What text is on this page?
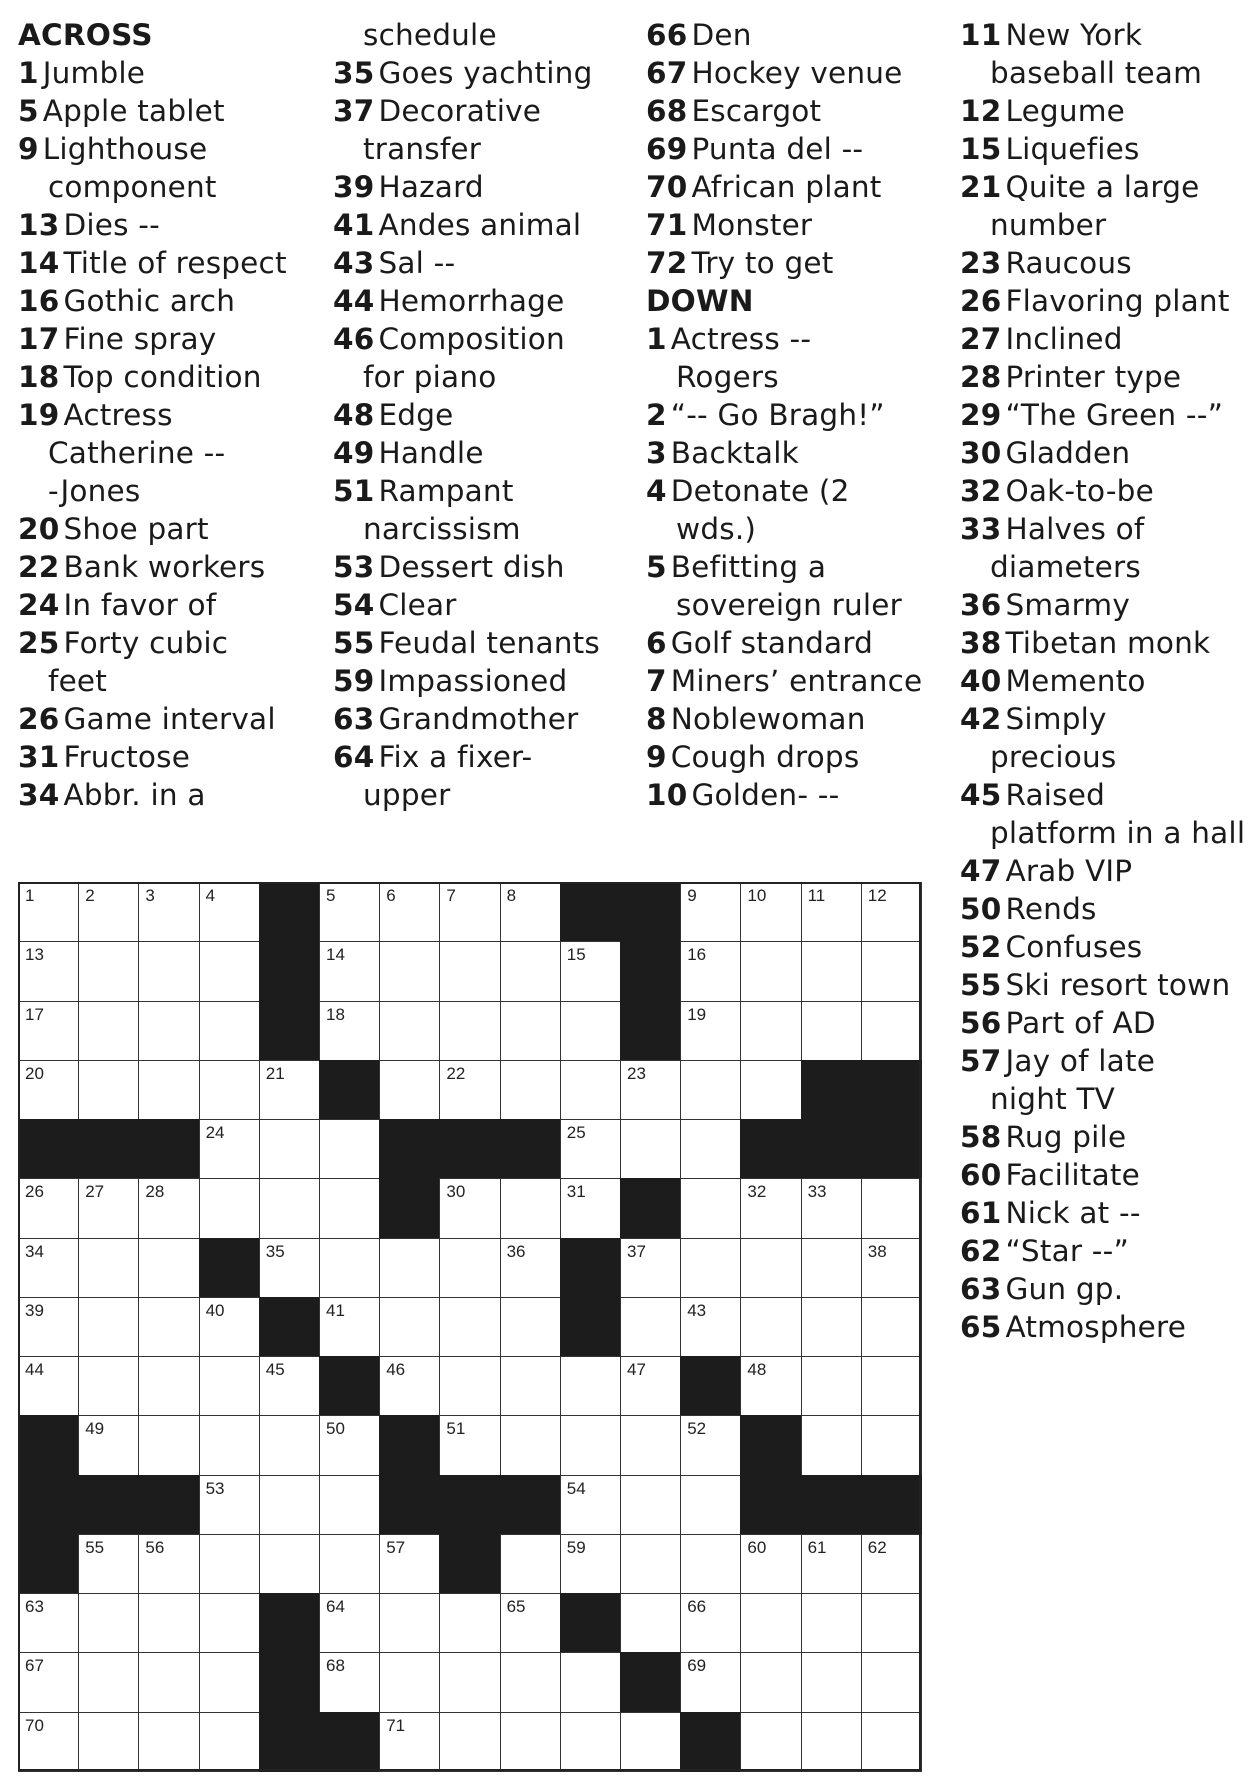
ACROSS
1 Jumble
5 Apple tablet
9 Lighthouse
component
13 Dies --
14 Title of respect
16 Gothic arch
17 Fine spray
18 Top condition
19 Actress
Catherine --
-Jones
20 Shoe part
22 Bank workers
24 In favor of
25 Forty cubic
feet
26 Game interval
31 Fructose
34 Abbr. in a
schedule
35 Goes yachting
37 Decorative
transfer
39 Hazard
41 Andes animal
43 Sal --
44 Hemorrhage
46 Composition
for piano
48 Edge
49 Handle
51 Rampant
narcissism
53 Dessert dish
54 Clear
55 Feudal tenants
59 Impassioned
63 Grandmother
64 Fix a fixer-
upper
66 Den
67 Hockey venue
68 Escargot
69 Punta del --
70 African plant
71 Monster
72 Try to get
DOWN
1 Actress --
Rogers
2 “-- Go Bragh!”
3 Backtalk
4 Detonate (2
wds.)
5 Befitting a
sovereign ruler
6 Golf standard
7 Miners’ entrance
8 Noblewoman
9 Cough drops
10 Golden- --
11 New York
baseball team
12 Legume
15 Liquefies
21 Quite a large
number
23 Raucous
26 Flavoring plant
27 Inclined
28 Printer type
29 “The Green --”
30 Gladden
32 Oak-to-be
33 Halves of
diameters
36 Smarmy
38 Tibetan monk
40 Memento
42 Simply
precious
45 Raised
platform in a hall
47 Arab VIP
50 Rends
52 Confuses
55 Ski resort town
56 Part of AD
57 Jay of late
night TV
58 Rug pile
60 Facilitate
61 Nick at --
62 “Star --”
63 Gun gp.
65 Atmosphere
1	2	3	4	5	6	7	8	9	10 11	12
13	14	15	16
17	18	19
20	21	22	23
24	25
26 27 28	30	31	32 33
34	35	36	37	38
39	40	41	43
44	45	46	47	48
49	50	51	52
53	54
55 56	57	59	60 61 62
63	64	65	66
67	68	69
70	71
